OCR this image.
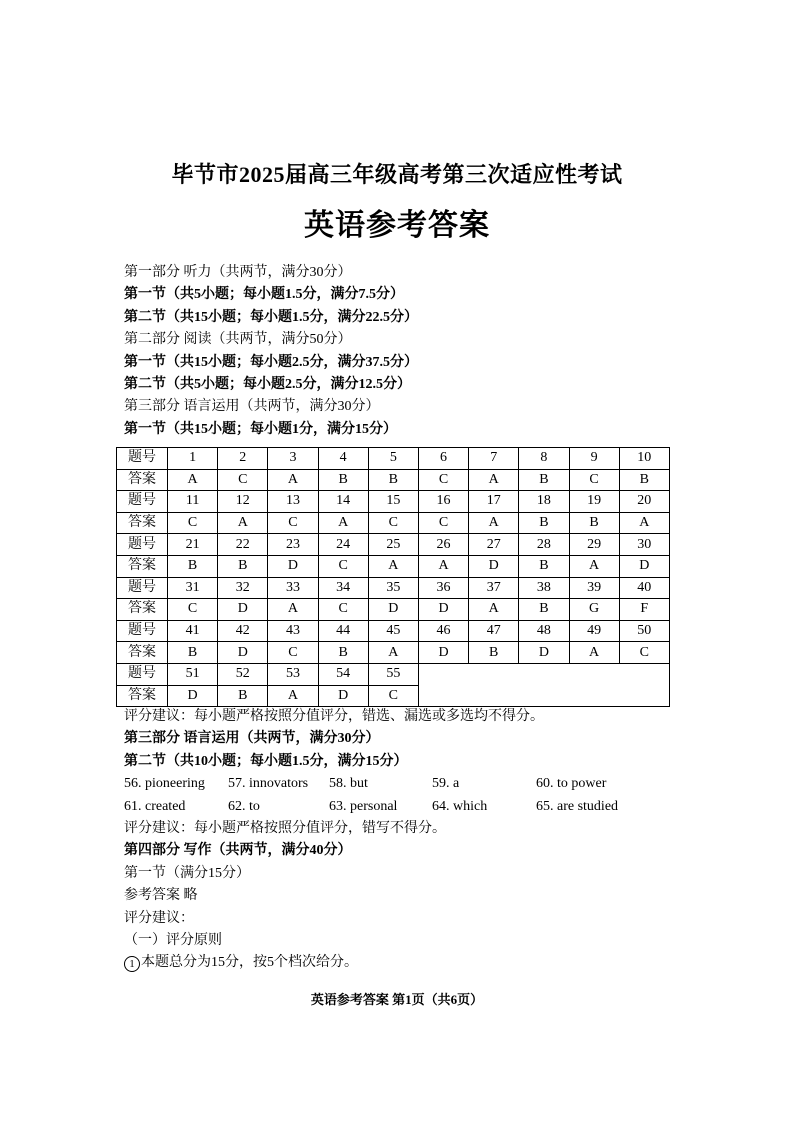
毕节市2025届高三年级高考第三次适应性考试
英语参考答案
第一部分 听力（共两节，满分30分）
第一节（共5小题；每小题1.5分，满分7.5分）
第二节（共15小题；每小题1.5分，满分22.5分）
第二部分 阅读（共两节，满分50分）
第一节（共15小题；每小题2.5分，满分37.5分）
第二节（共5小题；每小题2.5分，满分12.5分）
第三部分 语言运用（共两节，满分30分）
第一节（共15小题；每小题1分，满分15分）
题号	1	2	3	4	5	6	7	8	9	10
答案	A	C	A	B	B	C	A	B	C	B
题号	11	12	13	14	15	16	17	18	19	20
答案	C	A	C	A	C	C	A	B	B	A
题号	21	22	23	24	25	26	27	28	29	30
答案	B	B	D	C	A	A	D	B	A	D
题号	31	32	33	34	35	36	37	38	39	40
答案	C	D	A	C	D	D	A	B	G	F
题号	41	42	43	44	45	46	47	48	49	50
答案	B	D	C	B	A	D	B	D	A	C
题号	51	52	53	54	55					
答案	D	B	A	D	C					
评分建议：每小题严格按照分值评分，错选、漏选或多选均不得分。
第三部分 语言运用（共两节，满分30分）
第二节（共10小题；每小题1.5分，满分15分）
56. pioneering	57. innovators	58. but	59. a	60. to power
61. created	62. to	63. personal	64. which	65. are studied
评分建议：每小题严格按照分值评分，错写不得分。
第四部分 写作（共两节，满分40分）
第一节（满分15分）
参考答案 略
评分建议：
（一）评分原则
1 本题总分为15分，按5个档次给分。
英语参考答案 第1页（共6页）
